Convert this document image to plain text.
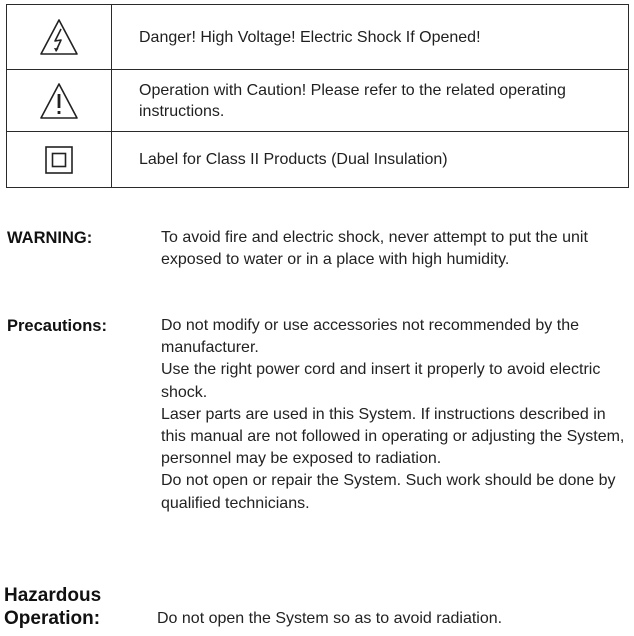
	Danger! High Voltage! Electric Shock If Opened!

	Operation with Caution! Please refer to the related operating instructions.

	Label for Class II Products (Dual Insulation)
WARNING:	To avoid fire and electric shock, never attempt to put the unit exposed to water or in a place with high humidity.
Precautions:	Do not modify or use accessories not recommended by the manufacturer.

Use the right power cord and insert it properly to avoid electric shock.

Laser parts are used in this System. If instructions described in this manual are not followed in operating or adjusting the System, personnel may be exposed to radiation.

Do not open or repair the System. Such work should be done by qualified technicians.

Hazardous
Operation:	Do not open the System so as to avoid radiation.
